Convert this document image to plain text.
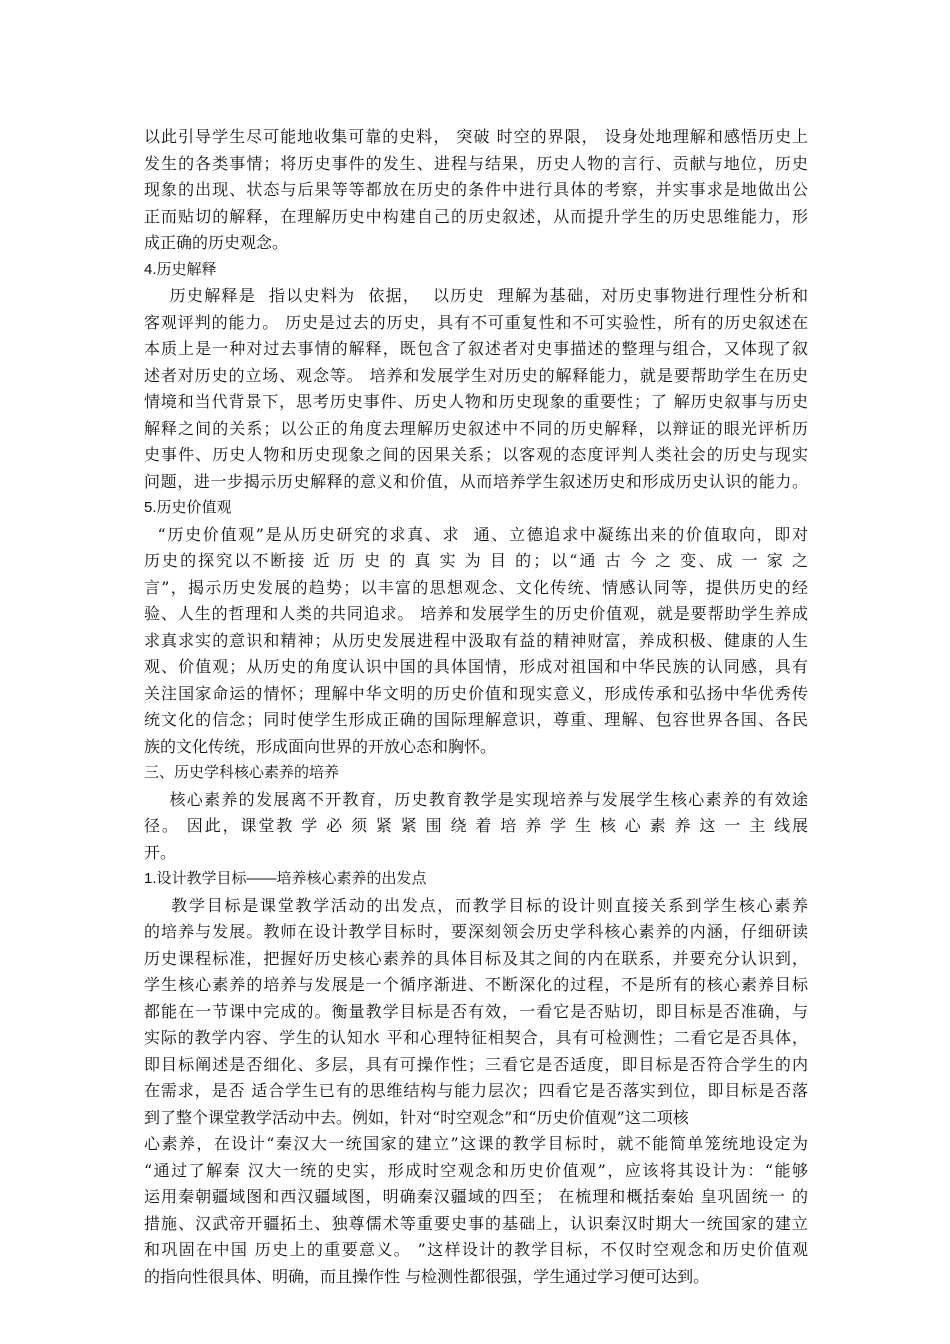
以此引导学生尽可能地收集可靠的史料， 突破 时空的界限， 设身处地理解和感悟历史上
发生的各类事情；将历史事件的发生、进程与结果，历史人物的言行、贡献与地位，历史
现象的出现、状态与后果等等都放在历史的条件中进行具体的考察，并实事求是地做出公
正而贴切的解释，在理解历史中构建自己的历史叙述，从而提升学生的历史思维能力，形
成正确的历史观念。
4.历史解释
历史解释是  指以史料为  依据，  以历史  理解为基础，对历史事物进行理性分析和
客观评判的能力。 历史是过去的历史，具有不可重复性和不可实验性，所有的历史叙述在
本质上是一种对过去事情的解释，既包含了叙述者对史事描述的整理与组合，又体现了叙
述者对历史的立场、观念等。 培养和发展学生对历史的解释能力，就是要帮助学生在历史
情境和当代背景下，思考历史事件、历史人物和历史现象的重要性；了 解历史叙事与历史
解释之间的关系；以公正的角度去理解历史叙述中不同的历史解释，以辩证的眼光评析历
史事件、历史人物和历史现象之间的因果关系；以客观的态度评判人类社会的历史与现实
问题，进一步揭示历史解释的意义和价值，从而培养学生叙述历史和形成历史认识的能力。
5.历史价值观
“历史价值观”是从历史研究的求真、求  通、立德追求中凝练出来的价值取向，即对
历史的探究以不断接 近 历 史 的 真 实 为 目 的；以“通 古 今 之 变、成 一 家 之
言”，揭示历史发展的趋势；以丰富的思想观念、文化传统、情感认同等，提供历史的经
验、人生的哲理和人类的共同追求。 培养和发展学生的历史价值观，就是要帮助学生养成
求真求实的意识和精神；从历史发展进程中汲取有益的精神财富，养成积极、健康的人生
观、价值观；从历史的角度认识中国的具体国情，形成对祖国和中华民族的认同感，具有
关注国家命运的情怀；理解中华文明的历史价值和现实意义，形成传承和弘扬中华优秀传
统文化的信念；同时使学生形成正确的国际理解意识，尊重、理解、包容世界各国、各民
族的文化传统，形成面向世界的开放心态和胸怀。
三、历史学科核心素养的培养
核心素养的发展离不开教育，历史教育教学是实现培养与发展学生核心素养的有效途
径。 因此，课堂教 学 必 须 紧 紧 围 绕 着 培 养 学 生 核 心 素 养 这 一 主 线展
开。
1.设计教学目标——培养核心素养的出发点
教学目标是课堂教学活动的出发点，而教学目标的设计则直接关系到学生核心素养
的培养与发展。教师在设计教学目标时，要深刻领会历史学科核心素养的内涵，仔细研读
历史课程标准，把握好历史核心素养的具体目标及其之间的内在联系，并要充分认识到，
学生核心素养的培养与发展是一个循序渐进、不断深化的过程，不是所有的核心素养目标
都能在一节课中完成的。衡量教学目标是否有效，一看它是否贴切，即目标是否准确，与
实际的教学内容、学生的认知水 平和心理特征相契合，具有可检测性；二看它是否具体，
即目标阐述是否细化、多层，具有可操作性；三看它是否适度，即目标是否符合学生的内
在需求，是否 适合学生已有的思维结构与能力层次；四看它是否落实到位，即目标是否落
到了整个课堂教学活动中去。例如，针对“时空观念”和“历史价值观”这二项核
心素养，在设计“秦汉大一统国家的建立”这课的教学目标时，就不能简单笼统地设定为
“通过了解秦 汉大一统的史实，形成时空观念和历史价值观”，应该将其设计为：“能够
运用秦朝疆域图和西汉疆域图，明确秦汉疆域的四至； 在梳理和概括秦始 皇巩固统一 的
措施、汉武帝开疆拓土、独尊儒术等重要史事的基础上，认识秦汉时期大一统国家的建立
和巩固在中国 历史上的重要意义。 ”这样设计的教学目标，不仅时空观念和历史价值观
的指向性很具体、明确，而且操作性 与检测性都很强，学生通过学习便可达到。
